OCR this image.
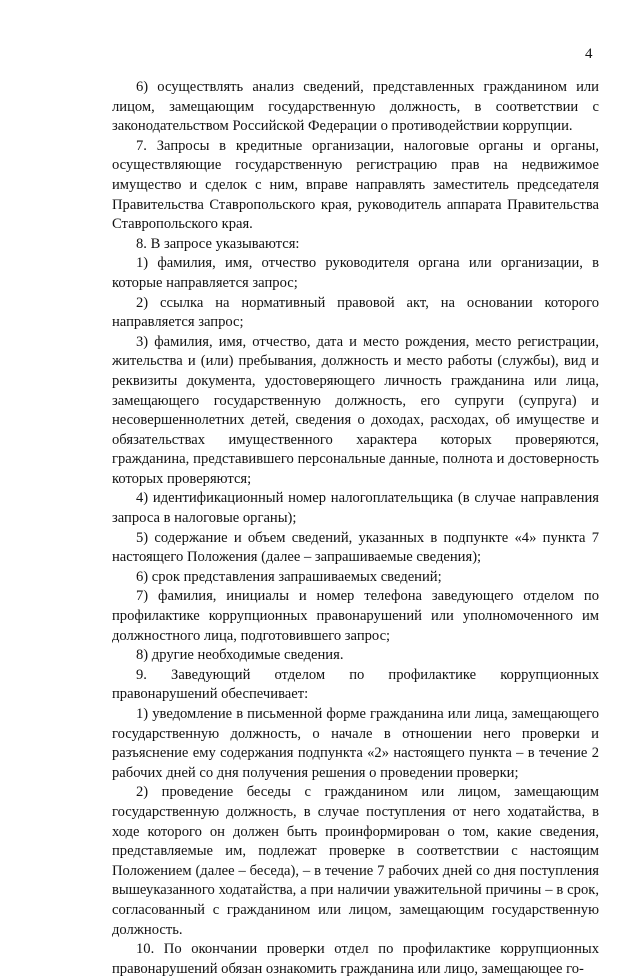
4

6) осуществлять анализ сведений, представленных гражданином или лицом, замещающим государственную должность, в соответствии с законодательством Российской Федерации о противодействии коррупции.

7. Запросы в кредитные организации, налоговые органы и органы, осуществляющие государственную регистрацию прав на недвижимое имущество и сделок с ним, вправе направлять заместитель председателя Правительства Ставропольского края, руководитель аппарата Правительства Ставропольского края.

8. В запросе указываются:

1) фамилия, имя, отчество руководителя органа или организации, в которые направляется запрос;

2) ссылка на нормативный правовой акт, на основании которого направляется запрос;

3) фамилия, имя, отчество, дата и место рождения, место регистрации, жительства и (или) пребывания, должность и место работы (службы), вид и реквизиты документа, удостоверяющего личность гражданина или лица, замещающего государственную должность, его супруги (супруга) и несовершеннолетних детей, сведения о доходах, расходах, об имуществе и обязательствах имущественного характера которых проверяются, гражданина, представившего персональные данные, полнота и достоверность которых проверяются;

4) идентификационный номер налогоплательщика (в случае направления запроса в налоговые органы);

5) содержание и объем сведений, указанных в подпункте «4» пункта 7 настоящего Положения (далее – запрашиваемые сведения);

6) срок представления запрашиваемых сведений;

7) фамилия, инициалы и номер телефона заведующего отделом по профилактике коррупционных правонарушений или уполномоченного им должностного лица, подготовившего запрос;

8) другие необходимые сведения.

9. Заведующий отделом по профилактике коррупционных правонарушений обеспечивает:

1) уведомление в письменной форме гражданина или лица, замещающего государственную должность, о начале в отношении него проверки и разъяснение ему содержания подпункта «2» настоящего пункта – в течение 2 рабочих дней со дня получения решения о проведении проверки;

2) проведение беседы с гражданином или лицом, замещающим государственную должность, в случае поступления от него ходатайства, в ходе которого он должен быть проинформирован о том, какие сведения, представляемые им, подлежат проверке в соответствии с настоящим Положением (далее – беседа), – в течение 7 рабочих дней со дня поступления вышеуказанного ходатайства, а при наличии уважительной причины – в срок, согласованный с гражданином или лицом, замещающим государственную должность.

10. По окончании проверки отдел по профилактике коррупционных правонарушений обязан ознакомить гражданина или лицо, замещающее го-
